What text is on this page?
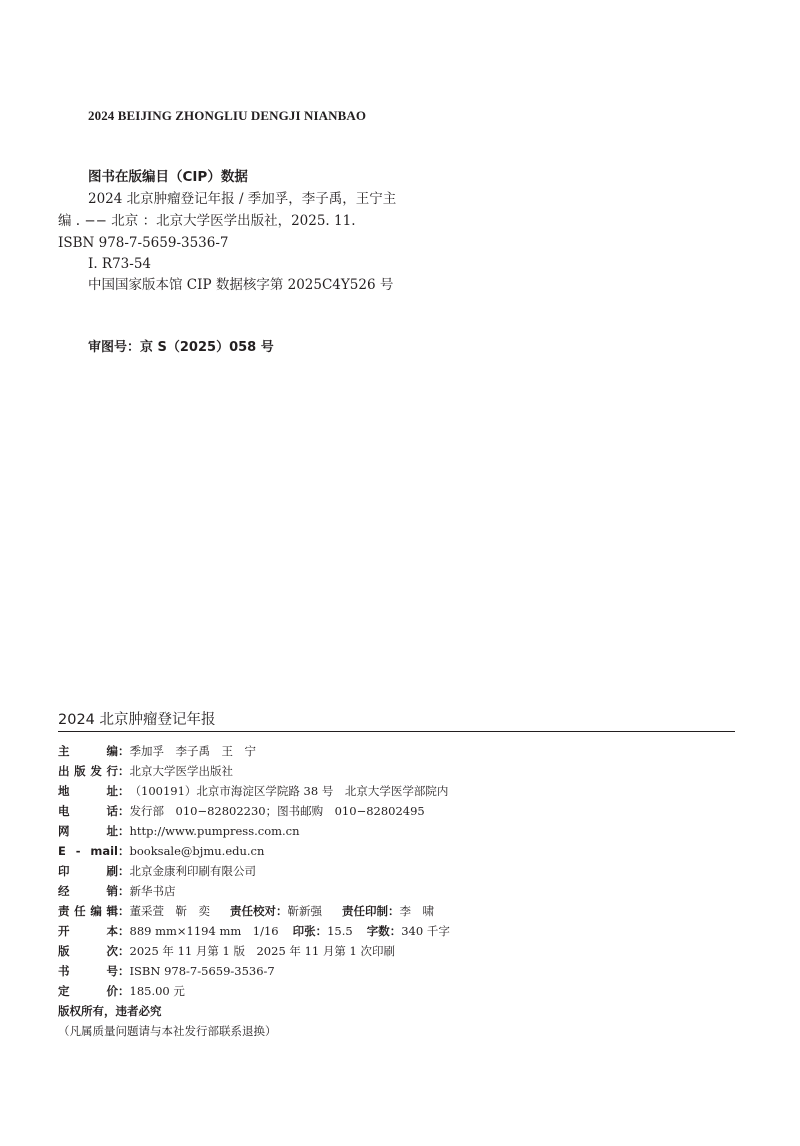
2024 BEIJING ZHONGLIU DENGJI NIANBAO
图书在版编目（CIP）数据
2024 北京肿瘤登记年报 / 季加孚，李子禹，王宁主
编 . −− 北京 ：北京大学医学出版社，2025. 11.
ISBN 978-7-5659-3536-7
Ⅰ. R73-54
中国国家版本馆 CIP 数据核字第 2025C4Y526 号
审图号：京 S（2025）058 号
2024 北京肿瘤登记年报
主编 ： 季加孚　李子禹　王　宁
出版发行 ： 北京大学医学出版社
地址 ： （100191）北京市海淀区学院路 38 号　北京大学医学部院内
电话 ： 发行部　010−82802230；图书邮购　010−82802495
网址 ： http://www.pumpress.com.cn
E - mail ： booksale@bjmu.edu.cn
印刷 ： 北京金康利印刷有限公司
经销 ： 新华书店
责任编辑 ： 董采萱　靳　奕 责任校对 ： 靳新强 责任印制 ： 李　啸
开本 ： 889 mm×1194 mm　1/16 印张 ： 15.5 字数 ： 340 千字
版次 ： 2025 年 11 月第 1 版　2025 年 11 月第 1 次印刷
书号 ： ISBN 978-7-5659-3536-7
定价 ： 185.00 元
版权所有，违者必究
（凡属质量问题请与本社发行部联系退换）
